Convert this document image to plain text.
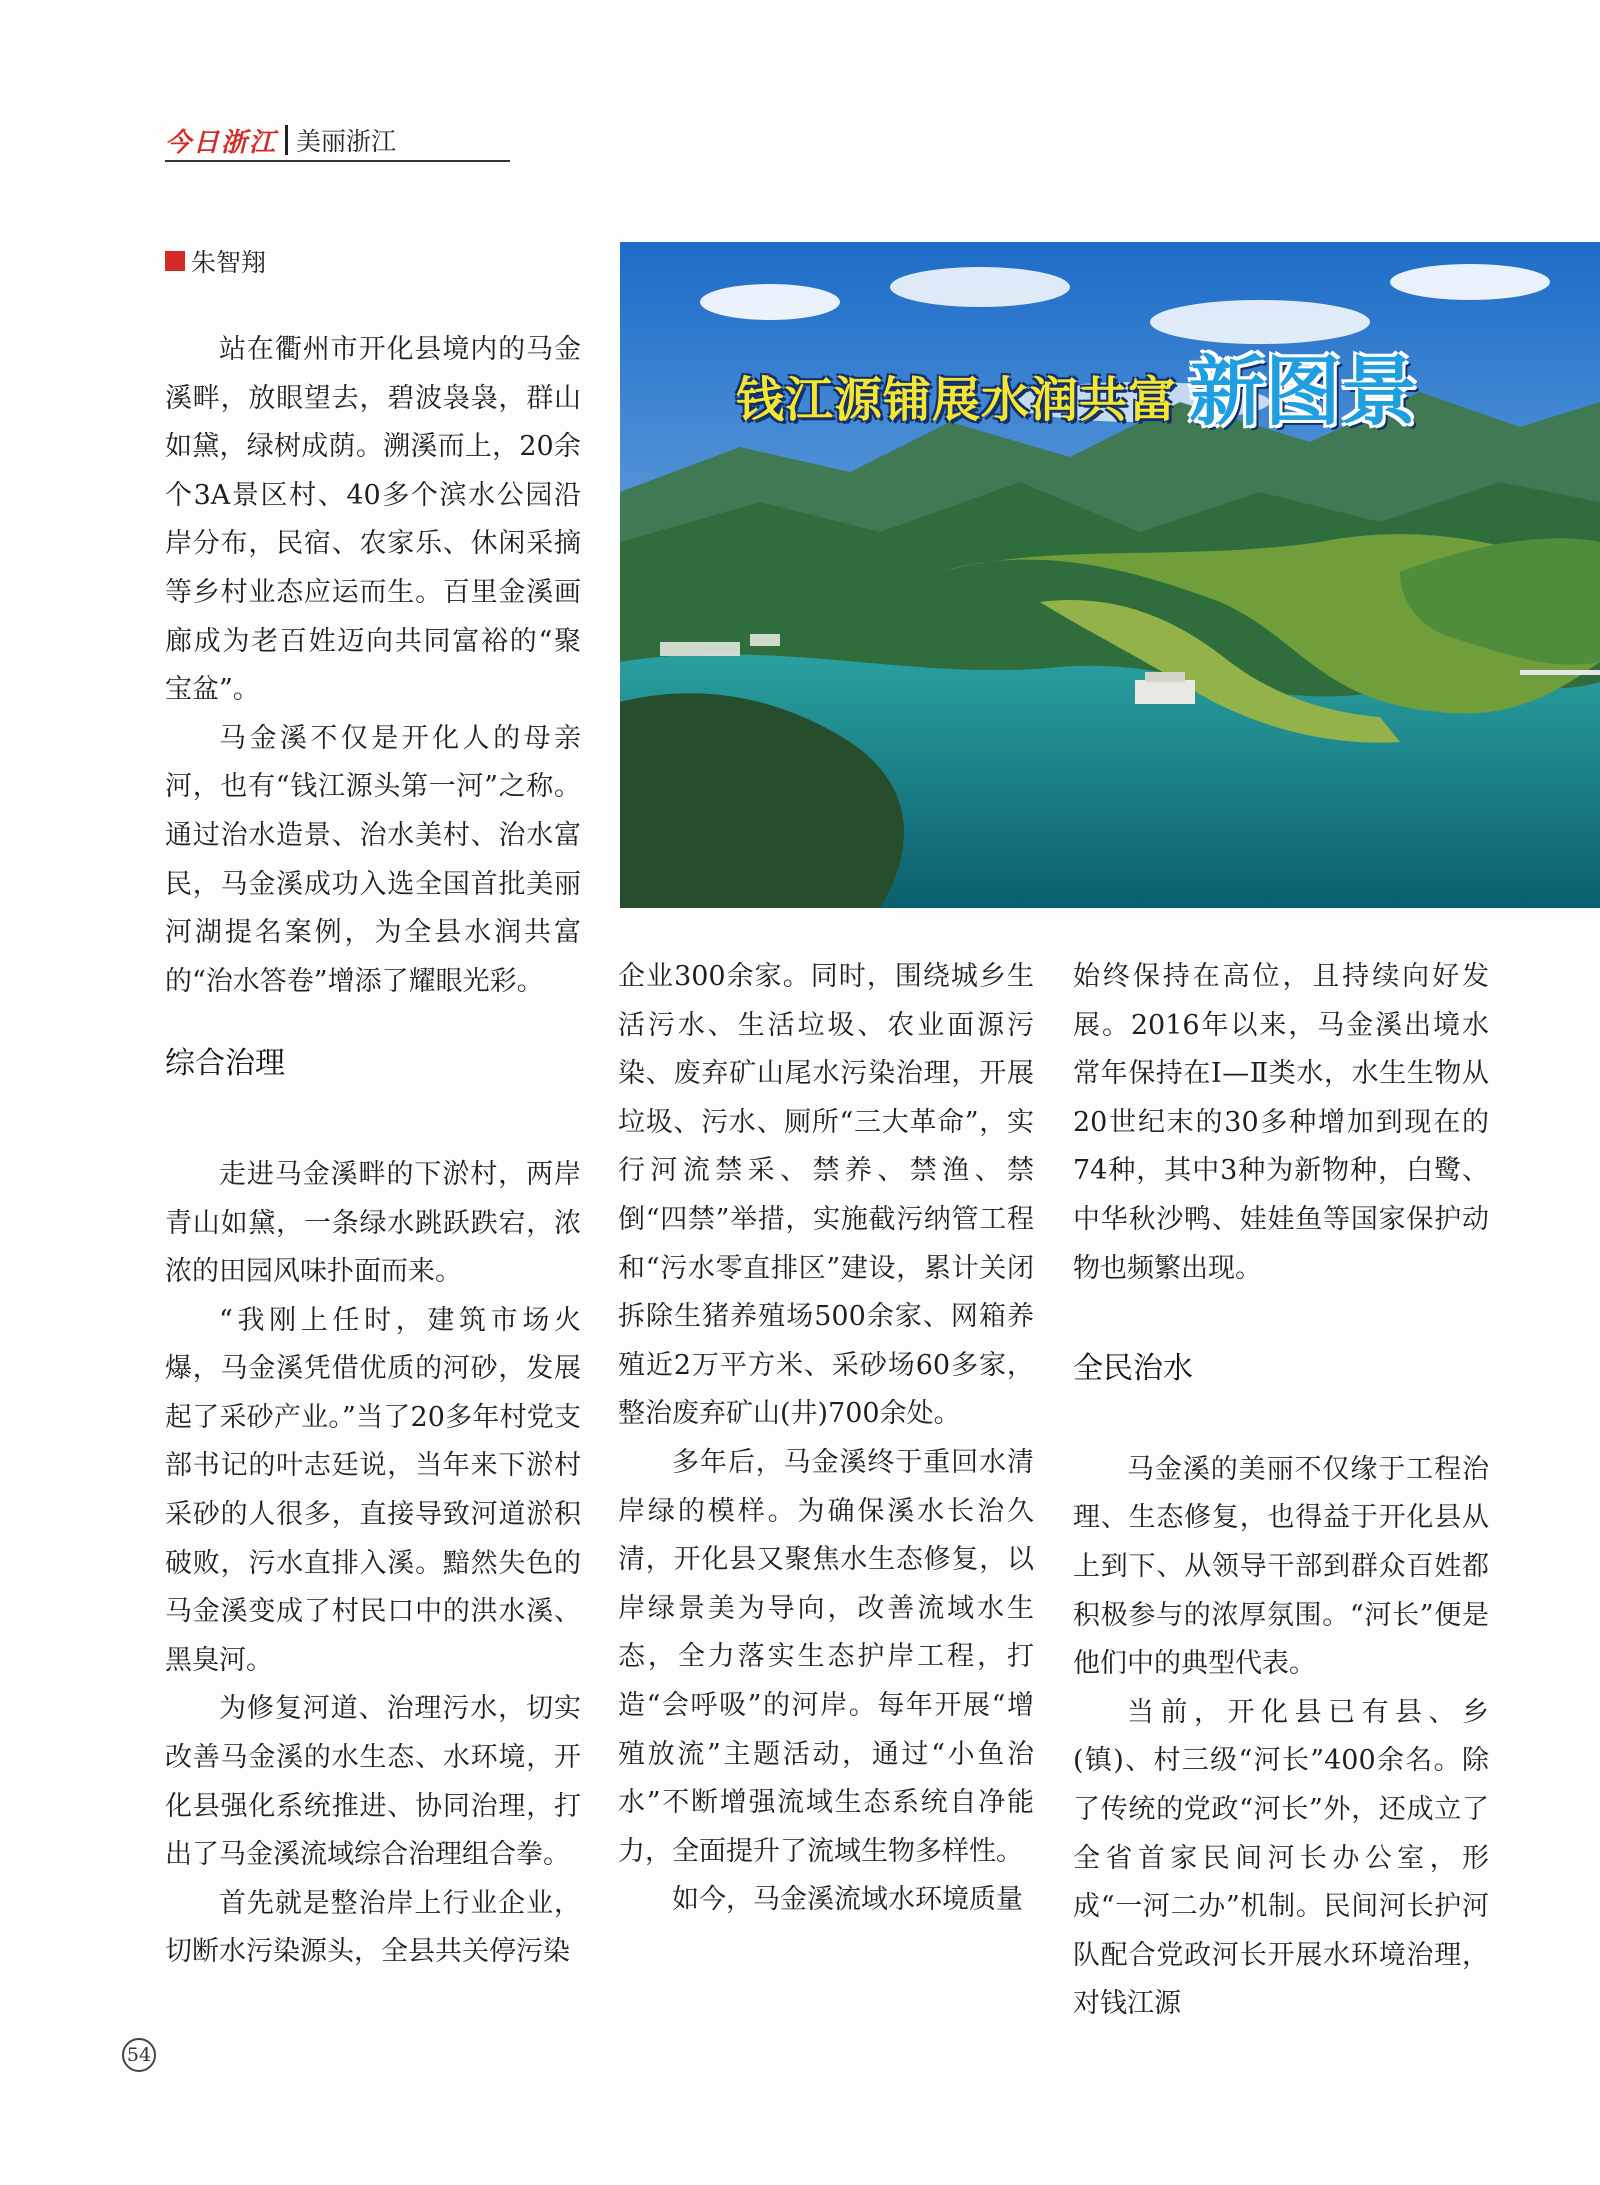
今日浙江 美丽浙江
朱智翔
钱江源铺展水润共富 新图景

站在衢州市开化县境内的马金溪畔，放眼望去，碧波袅袅，群山如黛，绿树成荫。溯溪而上，20余个3A景区村、40多个滨水公园沿岸分布，民宿、农家乐、休闲采摘等乡村业态应运而生。百里金溪画廊成为老百姓迈向共同富裕的“聚宝盆”。

马金溪不仅是开化人的母亲河，也有“钱江源头第一河”之称。通过治水造景、治水美村、治水富民，马金溪成功入选全国首批美丽河湖提名案例，为全县水润共富的“治水答卷”增添了耀眼光彩。

综合治理

走进马金溪畔的下淤村，两岸青山如黛，一条绿水跳跃跌宕，浓浓的田园风味扑面而来。

“我刚上任时，建筑市场火爆，马金溪凭借优质的河砂，发展起了采砂产业。”当了20多年村党支部书记的叶志廷说，当年来下淤村采砂的人很多，直接导致河道淤积破败，污水直排入溪。黯然失色的马金溪变成了村民口中的洪水溪、黑臭河。

为修复河道、治理污水，切实改善马金溪的水生态、水环境，开化县强化系统推进、协同治理，打出了马金溪流域综合治理组合拳。

首先就是整治岸上行业企业，切断水污染源头，全县共关停污染

企业300余家。同时，围绕城乡生活污水、生活垃圾、农业面源污染、废弃矿山尾水污染治理，开展垃圾、污水、厕所“三大革命”，实行河流禁采、禁养、禁渔、禁倒“四禁”举措，实施截污纳管工程和“污水零直排区”建设，累计关闭拆除生猪养殖场500余家、网箱养殖近2万平方米、采砂场60多家，整治废弃矿山(井)700余处。

多年后，马金溪终于重回水清岸绿的模样。为确保溪水长治久清，开化县又聚焦水生态修复，以岸绿景美为导向，改善流域水生态，全力落实生态护岸工程，打造“会呼吸”的河岸。每年开展“增殖放流”主题活动，通过“小鱼治水”不断增强流域生态系统自净能力，全面提升了流域生物多样性。

如今，马金溪流域水环境质量

始终保持在高位，且持续向好发展。2016年以来，马金溪出境水常年保持在Ⅰ—Ⅱ类水，水生生物从20世纪末的30多种增加到现在的74种，其中3种为新物种，白鹭、中华秋沙鸭、娃娃鱼等国家保护动物也频繁出现。

全民治水

马金溪的美丽不仅缘于工程治理、生态修复，也得益于开化县从上到下、从领导干部到群众百姓都积极参与的浓厚氛围。“河长”便是他们中的典型代表。

当前，开化县已有县、乡(镇)、村三级“河长”400余名。除了传统的党政“河长”外，还成立了全省首家民间河长办公室，形成“一河二办”机制。民间河长护河队配合党政河长开展水环境治理，对钱江源

54
